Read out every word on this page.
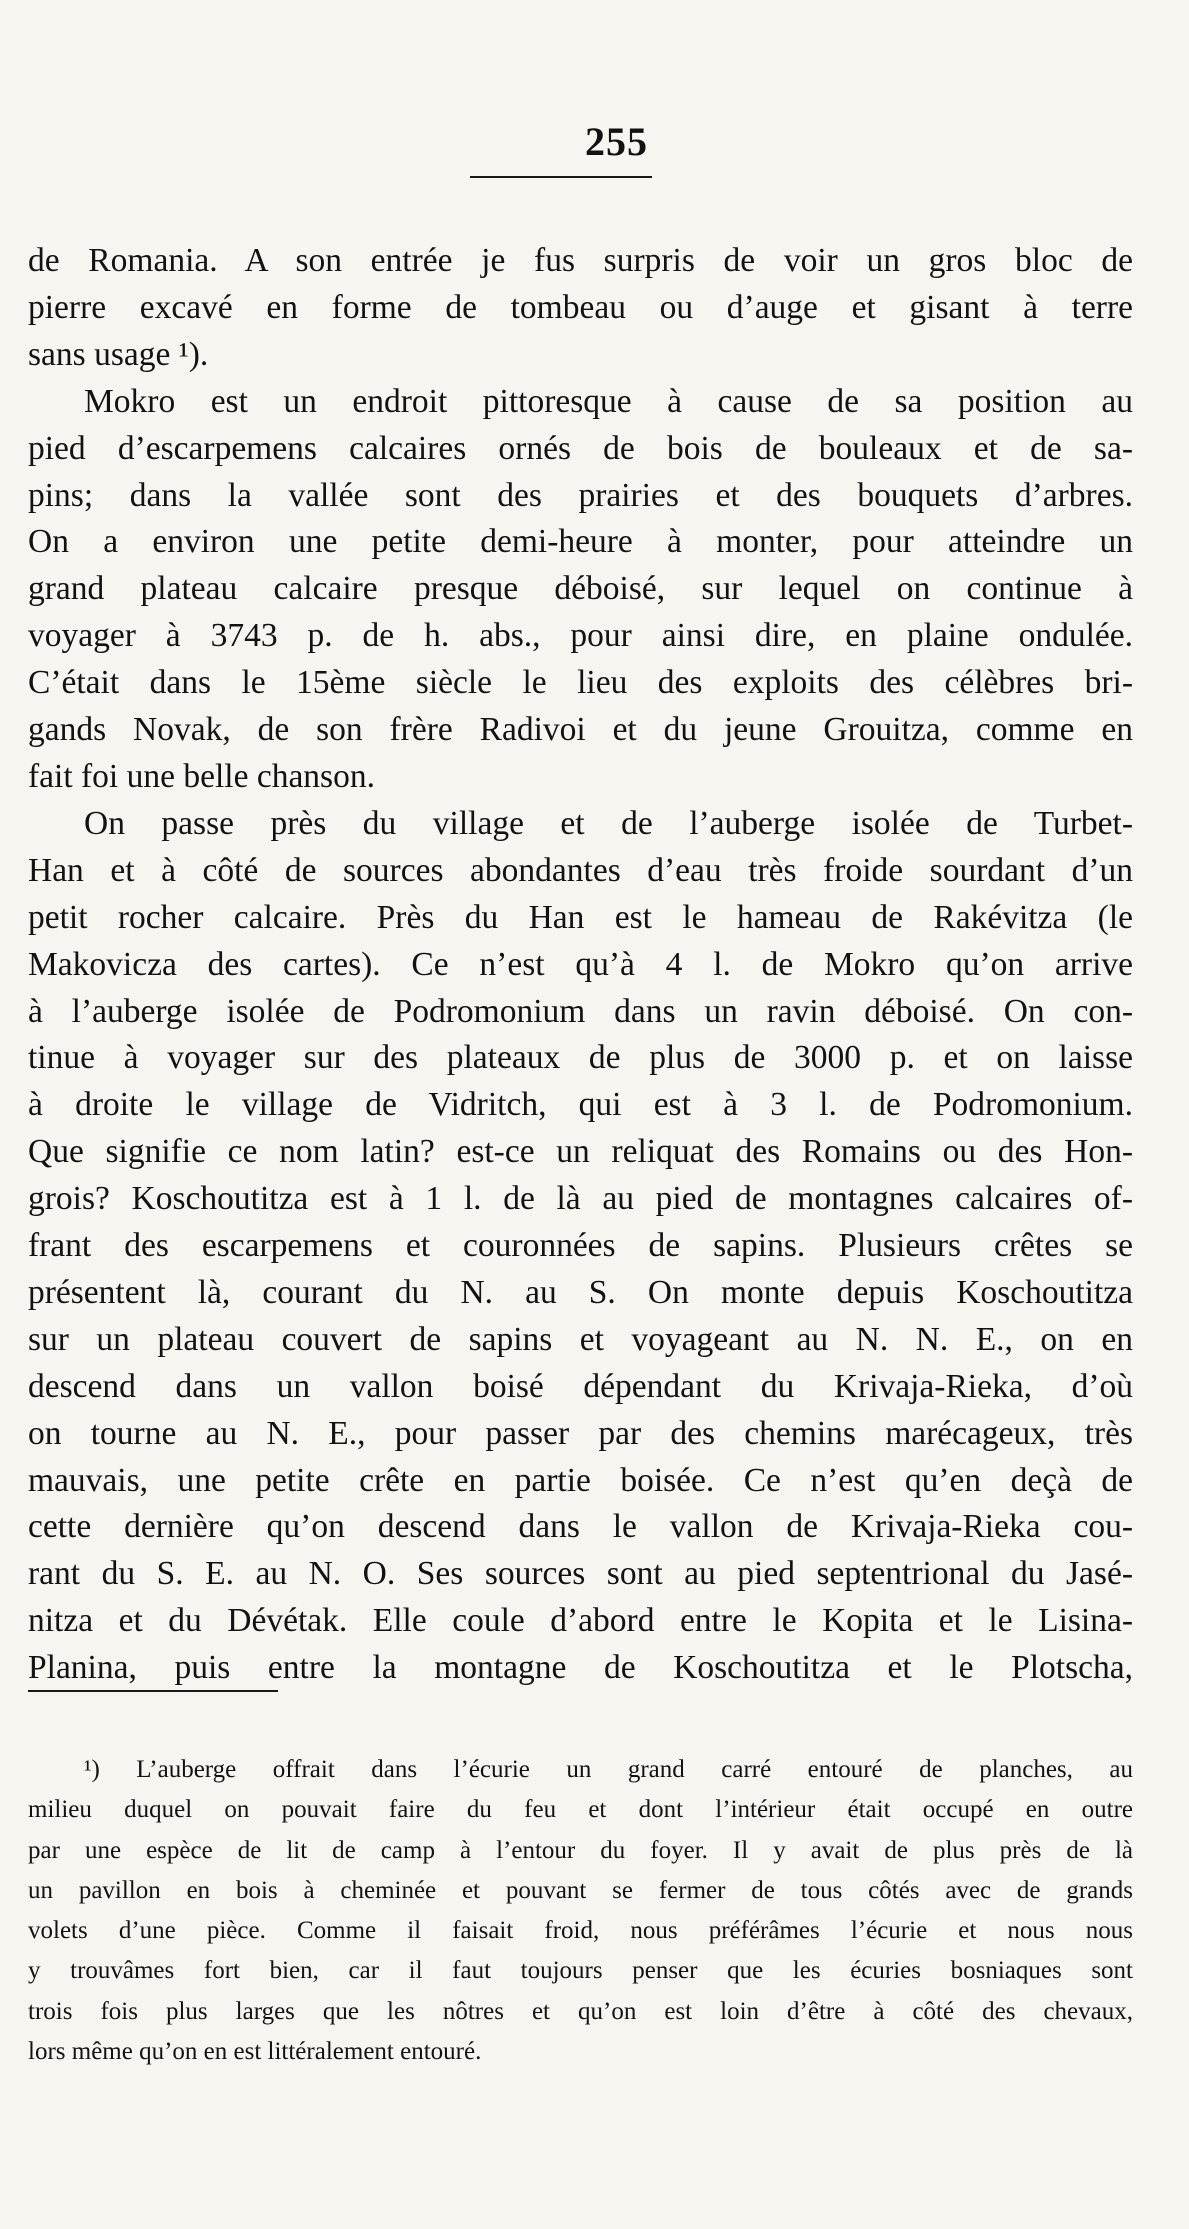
255
de Romania. A son entrée je fus surpris de voir un gros bloc de
pierre excavé en forme de tombeau ou d’auge et gisant à terre
sans usage ¹).
Mokro est un endroit pittoresque à cause de sa position au
pied d’escarpemens calcaires ornés de bois de bouleaux et de sa-
pins; dans la vallée sont des prairies et des bouquets d’arbres.
On a environ une petite demi-heure à monter, pour atteindre un
grand plateau calcaire presque déboisé, sur lequel on continue à
voyager à 3743 p. de h. abs., pour ainsi dire, en plaine ondulée.
C’était dans le 15ème siècle le lieu des exploits des célèbres bri-
gands Novak, de son frère Radivoi et du jeune Grouitza, comme en
fait foi une belle chanson.
On passe près du village et de l’auberge isolée de Turbet-
Han et à côté de sources abondantes d’eau très froide sourdant d’un
petit rocher calcaire. Près du Han est le hameau de Rakévitza (le
Makovicza des cartes). Ce n’est qu’à 4 l. de Mokro qu’on arrive
à l’auberge isolée de Podromonium dans un ravin déboisé. On con-
tinue à voyager sur des plateaux de plus de 3000 p. et on laisse
à droite le village de Vidritch, qui est à 3 l. de Podromonium.
Que signifie ce nom latin? est-ce un reliquat des Romains ou des Hon-
grois? Koschoutitza est à 1 l. de là au pied de montagnes calcaires of-
frant des escarpemens et couronnées de sapins. Plusieurs crêtes se
présentent là, courant du N. au S. On monte depuis Koschoutitza
sur un plateau couvert de sapins et voyageant au N. N. E., on en
descend dans un vallon boisé dépendant du Krivaja-Rieka, d’où
on tourne au N. E., pour passer par des chemins marécageux, très
mauvais, une petite crête en partie boisée. Ce n’est qu’en deçà de
cette dernière qu’on descend dans le vallon de Krivaja-Rieka cou-
rant du S. E. au N. O. Ses sources sont au pied septentrional du Jasé-
nitza et du Dévétak. Elle coule d’abord entre le Kopita et le Lisina-
Planina, puis entre la montagne de Koschoutitza et le Plotscha,
¹) L’auberge offrait dans l’écurie un grand carré entouré de planches, au
milieu duquel on pouvait faire du feu et dont l’intérieur était occupé en outre
par une espèce de lit de camp à l’entour du foyer. Il y avait de plus près de là
un pavillon en bois à cheminée et pouvant se fermer de tous côtés avec de grands
volets d’une pièce. Comme il faisait froid, nous préférâmes l’écurie et nous nous
y trouvâmes fort bien, car il faut toujours penser que les écuries bosniaques sont
trois fois plus larges que les nôtres et qu’on est loin d’être à côté des chevaux,
lors même qu’on en est littéralement entouré.
